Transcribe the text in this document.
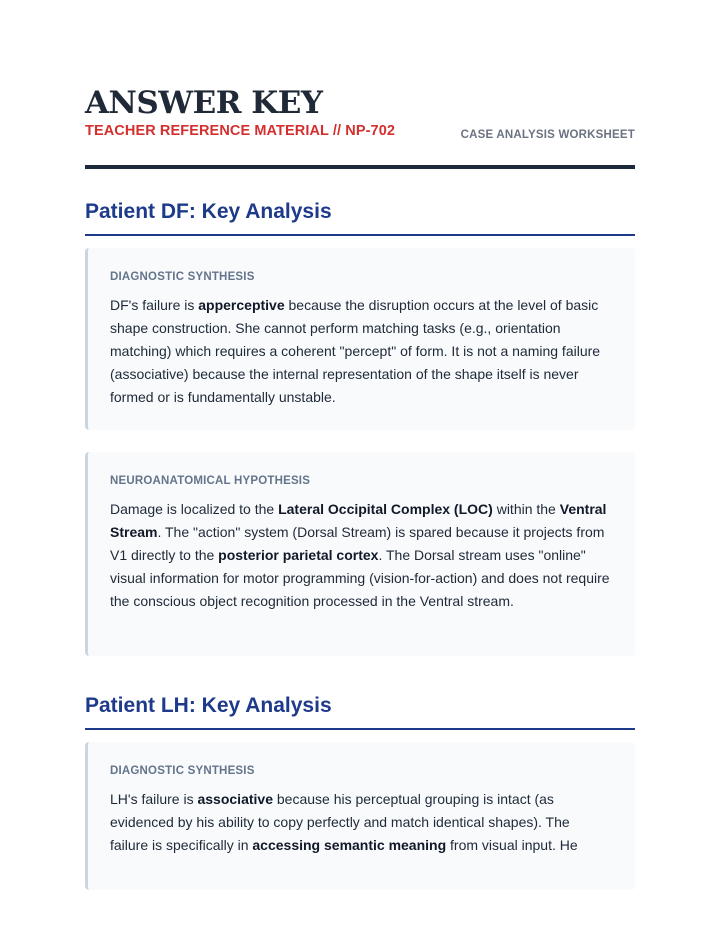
ANSWER KEY
TEACHER REFERENCE MATERIAL // NP-702	CASE ANALYSIS WORKSHEET
Patient DF: Key Analysis
DIAGNOSTIC SYNTHESIS
DF's failure is apperceptive because the disruption occurs at the level of basic shape construction. She cannot perform matching tasks (e.g., orientation matching) which requires a coherent "percept" of form. It is not a naming failure (associative) because the internal representation of the shape itself is never formed or is fundamentally unstable.
NEUROANATOMICAL HYPOTHESIS
Damage is localized to the Lateral Occipital Complex (LOC) within the Ventral Stream. The "action" system (Dorsal Stream) is spared because it projects from V1 directly to the posterior parietal cortex. The Dorsal stream uses "online" visual information for motor programming (vision-for-action) and does not require the conscious object recognition processed in the Ventral stream.
Patient LH: Key Analysis
DIAGNOSTIC SYNTHESIS
LH's failure is associative because his perceptual grouping is intact (as evidenced by his ability to copy perfectly and match identical shapes). The failure is specifically in accessing semantic meaning from visual input. He
